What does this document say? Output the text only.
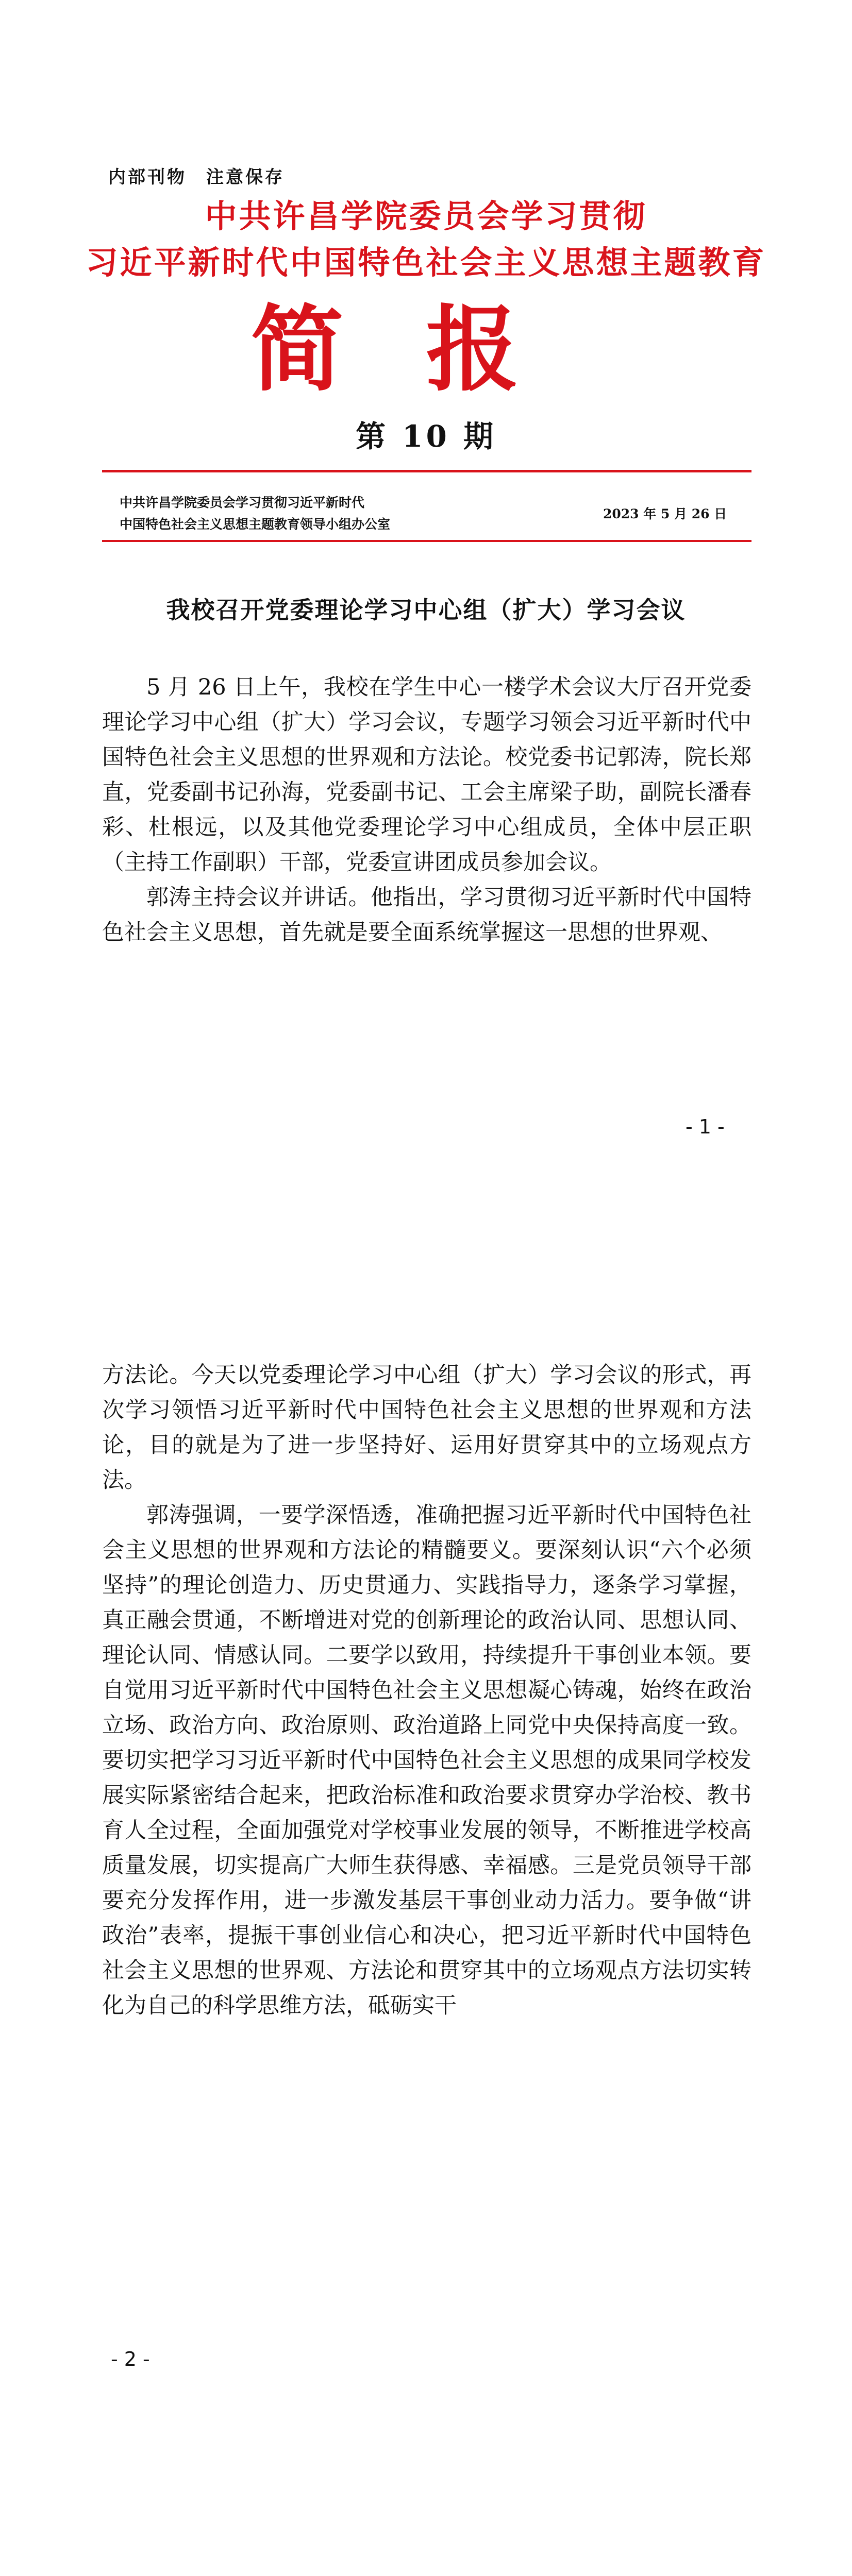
内部刊物　注意保存
中共许昌学院委员会学习贯彻
习近平新时代中国特色社会主义思想主题教育
简报
第 10 期
中共许昌学院委员会学习贯彻习近平新时代
中国特色社会主义思想主题教育领导小组办公室
2023 年 5 月 26 日
我校召开党委理论学习中心组（扩大）学习会议

5 月 26 日上午，我校在学生中心一楼学术会议大厅召开党委理论学习中心组（扩大）学习会议，专题学习领会习近平新时代中国特色社会主义思想的世界观和方法论。校党委书记郭涛，院长郑直，党委副书记孙海，党委副书记、工会主席梁子助，副院长潘春彩、杜根远，以及其他党委理论学习中心组成员，全体中层正职（主持工作副职）干部，党委宣讲团成员参加会议。

郭涛主持会议并讲话。他指出，学习贯彻习近平新时代中国特色社会主义思想，首先就是要全面系统掌握这一思想的世界观、

- 1 -

方法论。今天以党委理论学习中心组（扩大）学习会议的形式，再次学习领悟习近平新时代中国特色社会主义思想的世界观和方法论，目的就是为了进一步坚持好、运用好贯穿其中的立场观点方法。

郭涛强调，一要学深悟透，准确把握习近平新时代中国特色社会主义思想的世界观和方法论的精髓要义。要深刻认识“六个必须坚持”的理论创造力、历史贯通力、实践指导力，逐条学习掌握，真正融会贯通，不断增进对党的创新理论的政治认同、思想认同、理论认同、情感认同。二要学以致用，持续提升干事创业本领。要自觉用习近平新时代中国特色社会主义思想凝心铸魂，始终在政治立场、政治方向、政治原则、政治道路上同党中央保持高度一致。要切实把学习习近平新时代中国特色社会主义思想的成果同学校发展实际紧密结合起来，把政治标准和政治要求贯穿办学治校、教书育人全过程，全面加强党对学校事业发展的领导，不断推进学校高质量发展，切实提高广大师生获得感、幸福感。三是党员领导干部要充分发挥作用，进一步激发基层干事创业动力活力。要争做“讲政治”表率，提振干事创业信心和决心，把习近平新时代中国特色社会主义思想的世界观、方法论和贯穿其中的立场观点方法切实转化为自己的科学思维方法，砥砺实干

- 2 -
